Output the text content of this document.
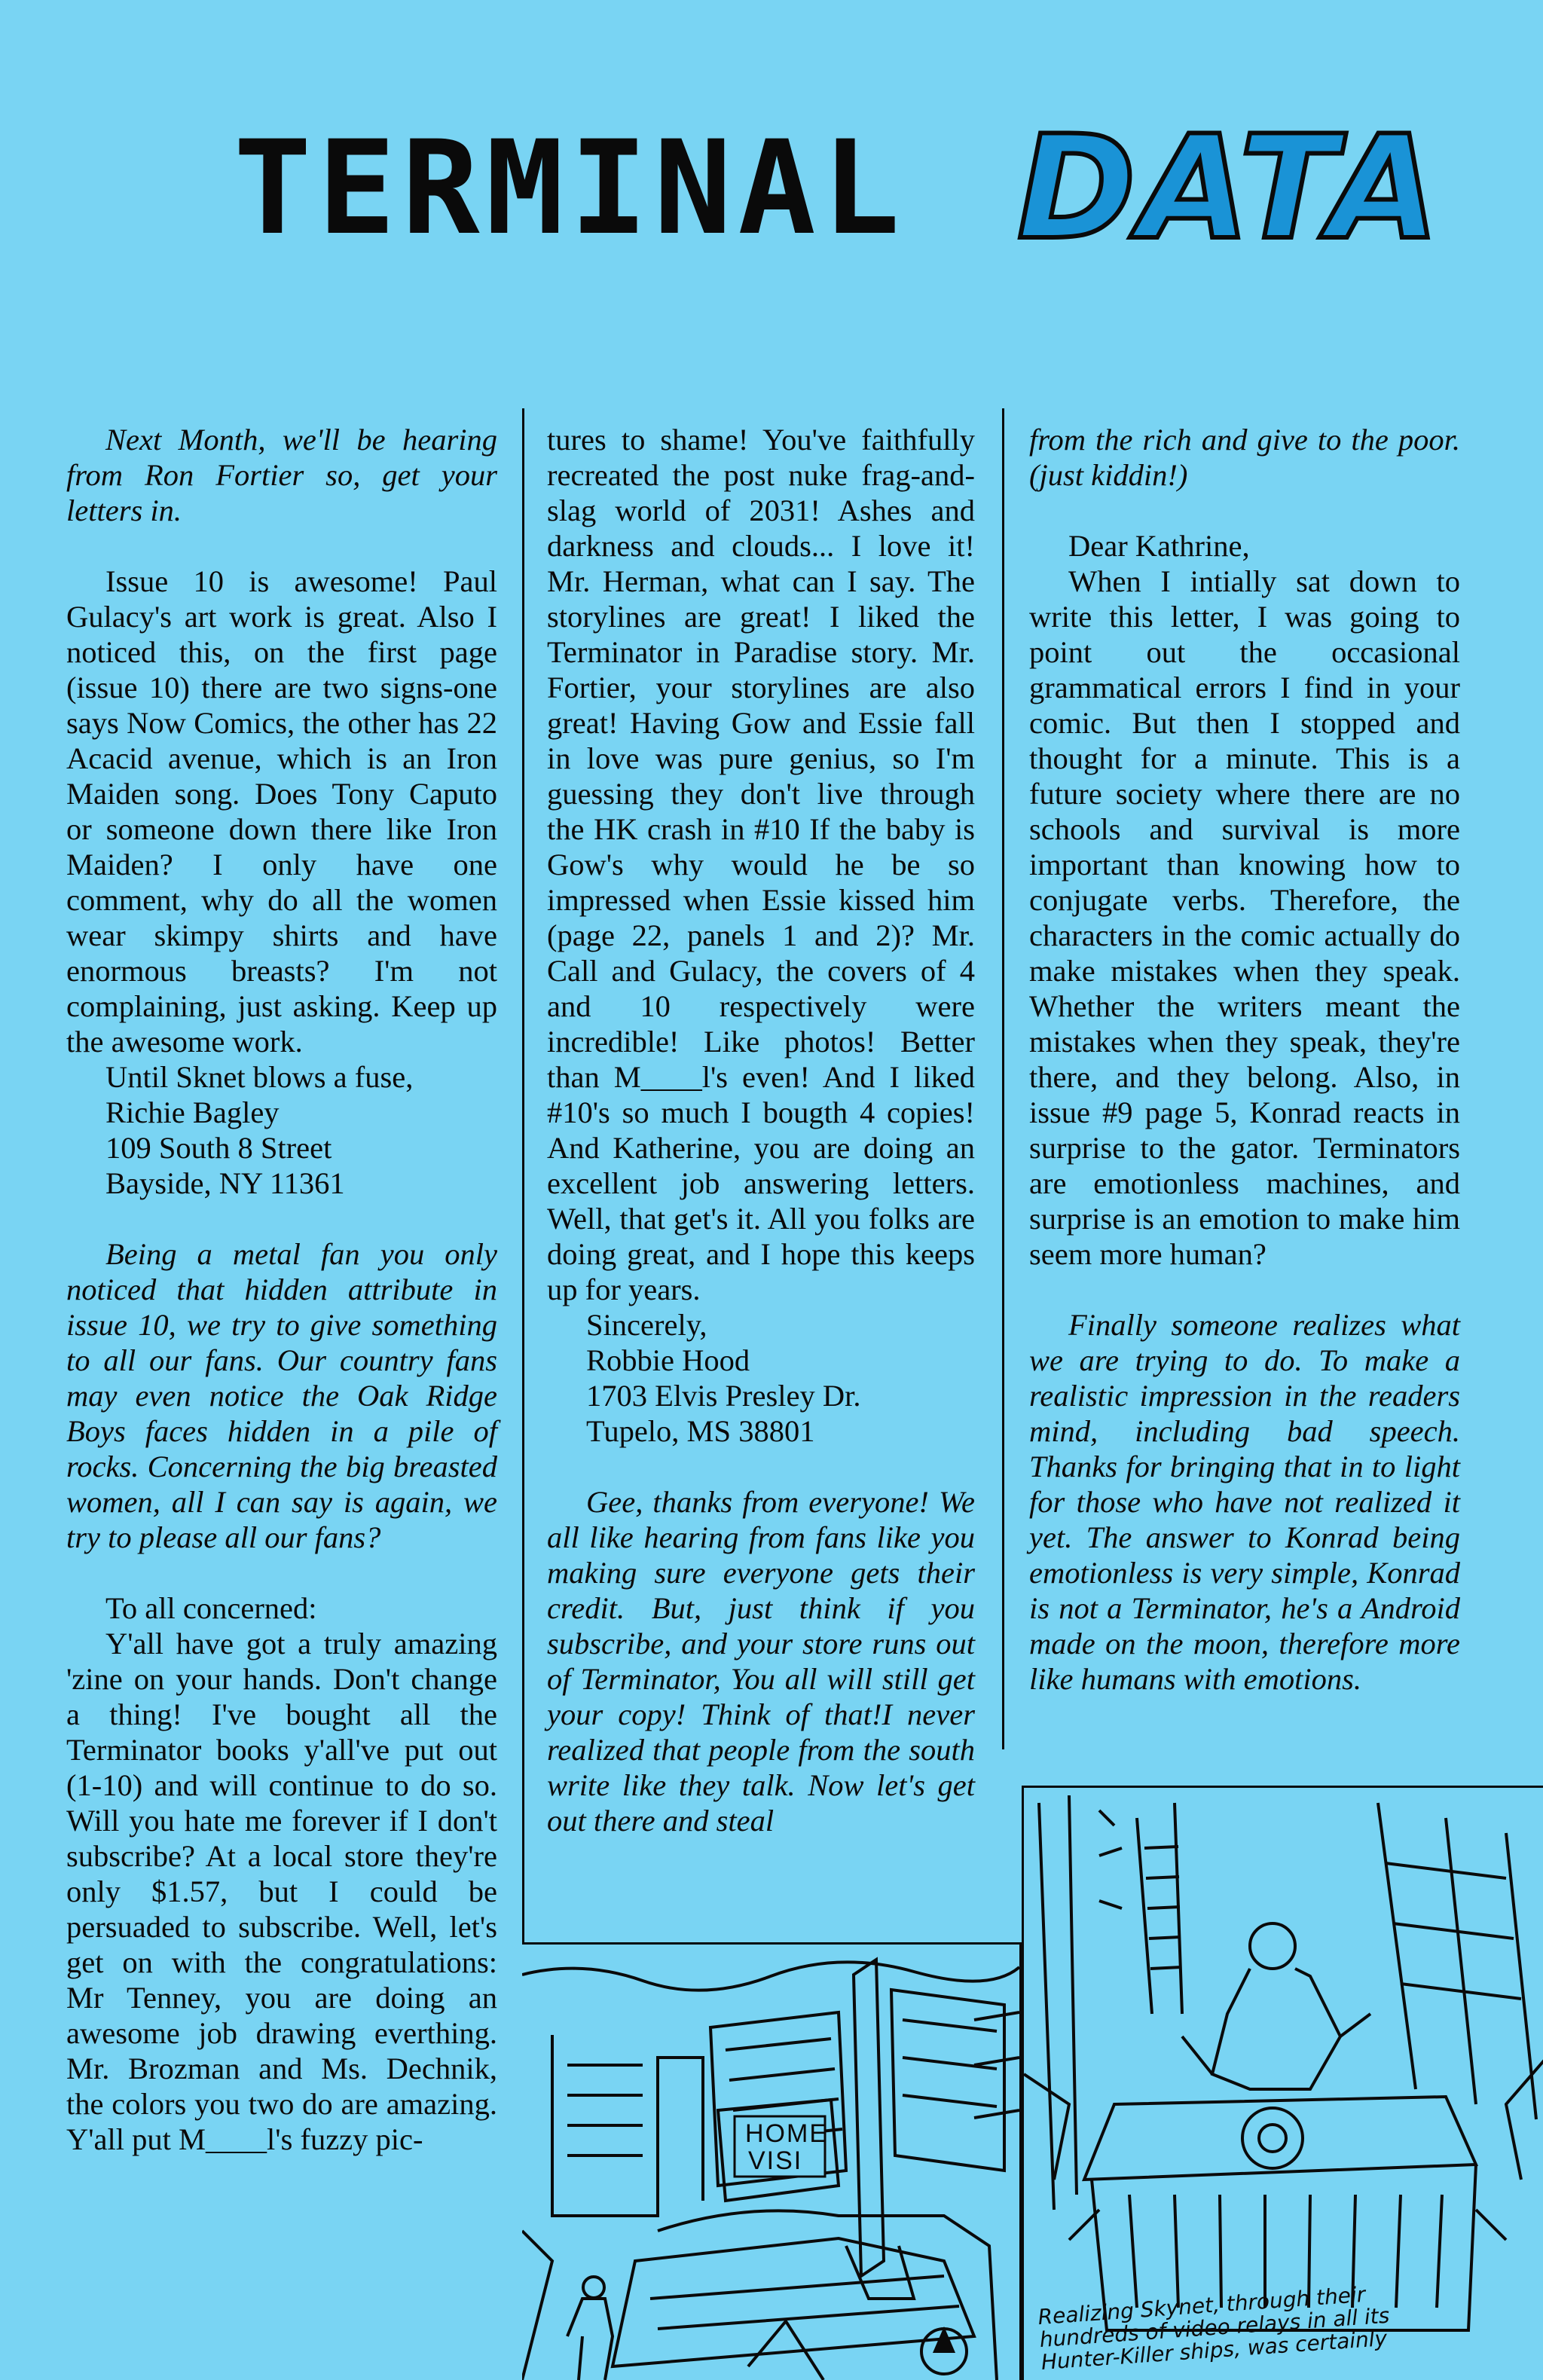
TERMINAL DATA

Next Month, we'll be hearing from Ron Fortier so, get your letters in.

Issue 10 is awesome! Paul Gulacy's art work is great. Also I noticed this, on the first page (issue 10) there are two signs-one says Now Comics, the other has 22 Acacid avenue, which is an Iron Maiden song. Does Tony Caputo or someone down there like Iron Maiden? I only have one comment, why do all the women wear skimpy shirts and have enormous breasts? I'm not complaining, just asking. Keep up the awesome work.

Until Sknet blows a fuse,
Richie Bagley
109 South 8 Street
Bayside, NY 11361

Being a metal fan you only noticed that hidden attribute in issue 10, we try to give something to all our fans. Our country fans may even notice the Oak Ridge Boys faces hidden in a pile of rocks. Concerning the big breasted women, all I can say is again, we try to please all our fans?

To all concerned:

Y'all have got a truly amazing 'zine on your hands. Don't change a thing! I've bought all the Terminator books y'all've put out (1-10) and will continue to do so. Will you hate me forever if I don't subscribe? At a local store they're only $1.57, but I could be persuaded to subscribe. Well, let's get on with the congratulations: Mr Tenney, you are doing an awesome job drawing everthing. Mr. Brozman and Ms. Dechnik, the colors you two do are amazing. Y'all put M____l's fuzzy pic-

tures to shame! You've faithfully recreated the post nuke frag-and-slag world of 2031! Ashes and darkness and clouds... I love it! Mr. Herman, what can I say. The storylines are great! I liked the Terminator in Paradise story. Mr. Fortier, your storylines are also great! Having Gow and Essie fall in love was pure genius, so I'm guessing they don't live through the HK crash in #10 If the baby is Gow's why would he be so impressed when Essie kissed him (page 22, panels 1 and 2)? Mr. Call and Gulacy, the covers of 4 and 10 respectively were incredible! Like photos! Better than M____l's even! And I liked #10's so much I bougth 4 copies! And Katherine, you are doing an excellent job answering letters. Well, that get's it. All you folks are doing great, and I hope this keeps up for years.

Sincerely,
Robbie Hood
1703 Elvis Presley Dr.
Tupelo, MS 38801

Gee, thanks from everyone! We all like hearing from fans like you making sure everyone gets their credit. But, just think if you subscribe, and your store runs out of Terminator, You all will still get your copy! Think of that!I never realized that people from the south write like they talk. Now let's get out there and steal

from the rich and give to the poor. (just kiddin!)

Dear Kathrine,

When I intially sat down to write this letter, I was going to point out the occasional grammatical errors I find in your comic. But then I stopped and thought for a minute. This is a future society where there are no schools and survival is more important than knowing how to conjugate verbs. Therefore, the characters in the comic actually do make mistakes when they speak. Whether the writers meant the mistakes when they speak, they're there, and they belong. Also, in issue #9 page 5, Konrad reacts in surprise to the gator. Terminators are emotionless machines, and surprise is an emotion to make him seem more human?

Finally someone realizes what we are trying to do. To make a realistic impression in the readers mind, including bad speech. Thanks for bringing that in to light for those who have not realized it yet. The answer to Konrad being emotionless is very simple, Konrad is not a Terminator, he's a Android made on the moon, therefore more like humans with emotions.

HOME
VISI
Realizing Skynet, through their hundreds of video relays in all its Hunter-Killer ships, was certainly
